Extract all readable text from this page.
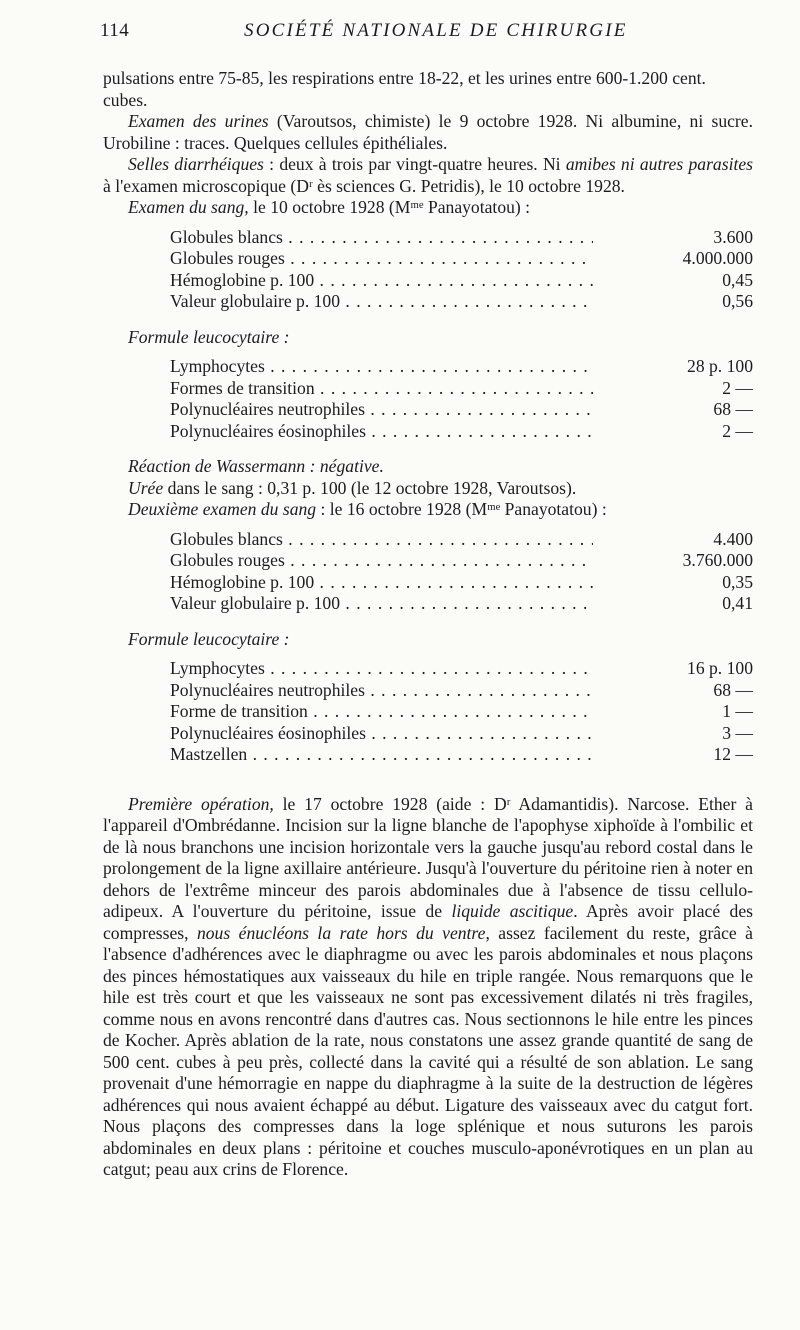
114	SOCIÉTÉ NATIONALE DE CHIRURGIE

pulsations entre 75-85, les respirations entre 18-22, et les urines entre 600-1.200 cent. cubes.

Examen des urines (Varoutsos, chimiste) le 9 octobre 1928. Ni albumine, ni sucre. Urobiline : traces. Quelques cellules épithéliales.

Selles diarrhéiques : deux à trois par vingt-quatre heures. Ni amibes ni autres parasites à l'examen microscopique (Dʳ ès sciences G. Petridis), le 10 octobre 1928.

Examen du sang, le 10 octobre 1928 (Mᵐᵉ Panayotatou) :

Globules blancs . . .	3.600
Globules rouges . . .	4.000.000
Hémoglobine p. 100 . . .	0,45
Valeur globulaire p. 100 . . .	0,56

Formule leucocytaire :

Lymphocytes . . .	28 p. 100
Formes de transition . . .	2 —
Polynucléaires neutrophiles . . .	68 —
Polynucléaires éosinophiles . . .	2 —

Réaction de Wassermann : négative.

Urée dans le sang : 0,31 p. 100 (le 12 octobre 1928, Varoutsos).

Deuxième examen du sang : le 16 octobre 1928 (Mᵐᵉ Panayotatou) :

Globules blancs . . .	4.400
Globules rouges . . .	3.760.000
Hémoglobine p. 100 . . .	0,35
Valeur globulaire p. 100 . . .	0,41

Formule leucocytaire :

Lymphocytes . . .	16 p. 100
Polynucléaires neutrophiles . . .	68 —
Forme de transition . . .	1 —
Polynucléaires éosinophiles . . .	3 —
Mastzellen . . .	12 —

Première opération, le 17 octobre 1928 (aide : Dʳ Adamantidis). Narcose. Ether à l'appareil d'Ombrédanne. Incision sur la ligne blanche de l'apophyse xiphoïde à l'ombilic et de là nous branchons une incision horizontale vers la gauche jusqu'au rebord costal dans le prolongement de la ligne axillaire antérieure. Jusqu'à l'ouverture du péritoine rien à noter en dehors de l'extrême minceur des parois abdominales due à l'absence de tissu cellulo-adipeux. A l'ouverture du péritoine, issue de liquide ascitique. Après avoir placé des compresses, nous énucléons la rate hors du ventre, assez facilement du reste, grâce à l'absence d'adhérences avec le diaphragme ou avec les parois abdominales et nous plaçons des pinces hémostatiques aux vaisseaux du hile en triple rangée. Nous remarquons que le hile est très court et que les vaisseaux ne sont pas excessivement dilatés ni très fragiles, comme nous en avons rencontré dans d'autres cas. Nous sectionnons le hile entre les pinces de Kocher. Après ablation de la rate, nous constatons une assez grande quantité de sang de 500 cent. cubes à peu près, collecté dans la cavité qui a résulté de son ablation. Le sang provenait d'une hémorragie en nappe du diaphragme à la suite de la destruction de légères adhérences qui nous avaient échappé au début. Ligature des vaisseaux avec du catgut fort. Nous plaçons des compresses dans la loge splénique et nous suturons les parois abdominales en deux plans : péritoine et couches musculo-aponévrotiques en un plan au catgut; peau aux crins de Florence.
